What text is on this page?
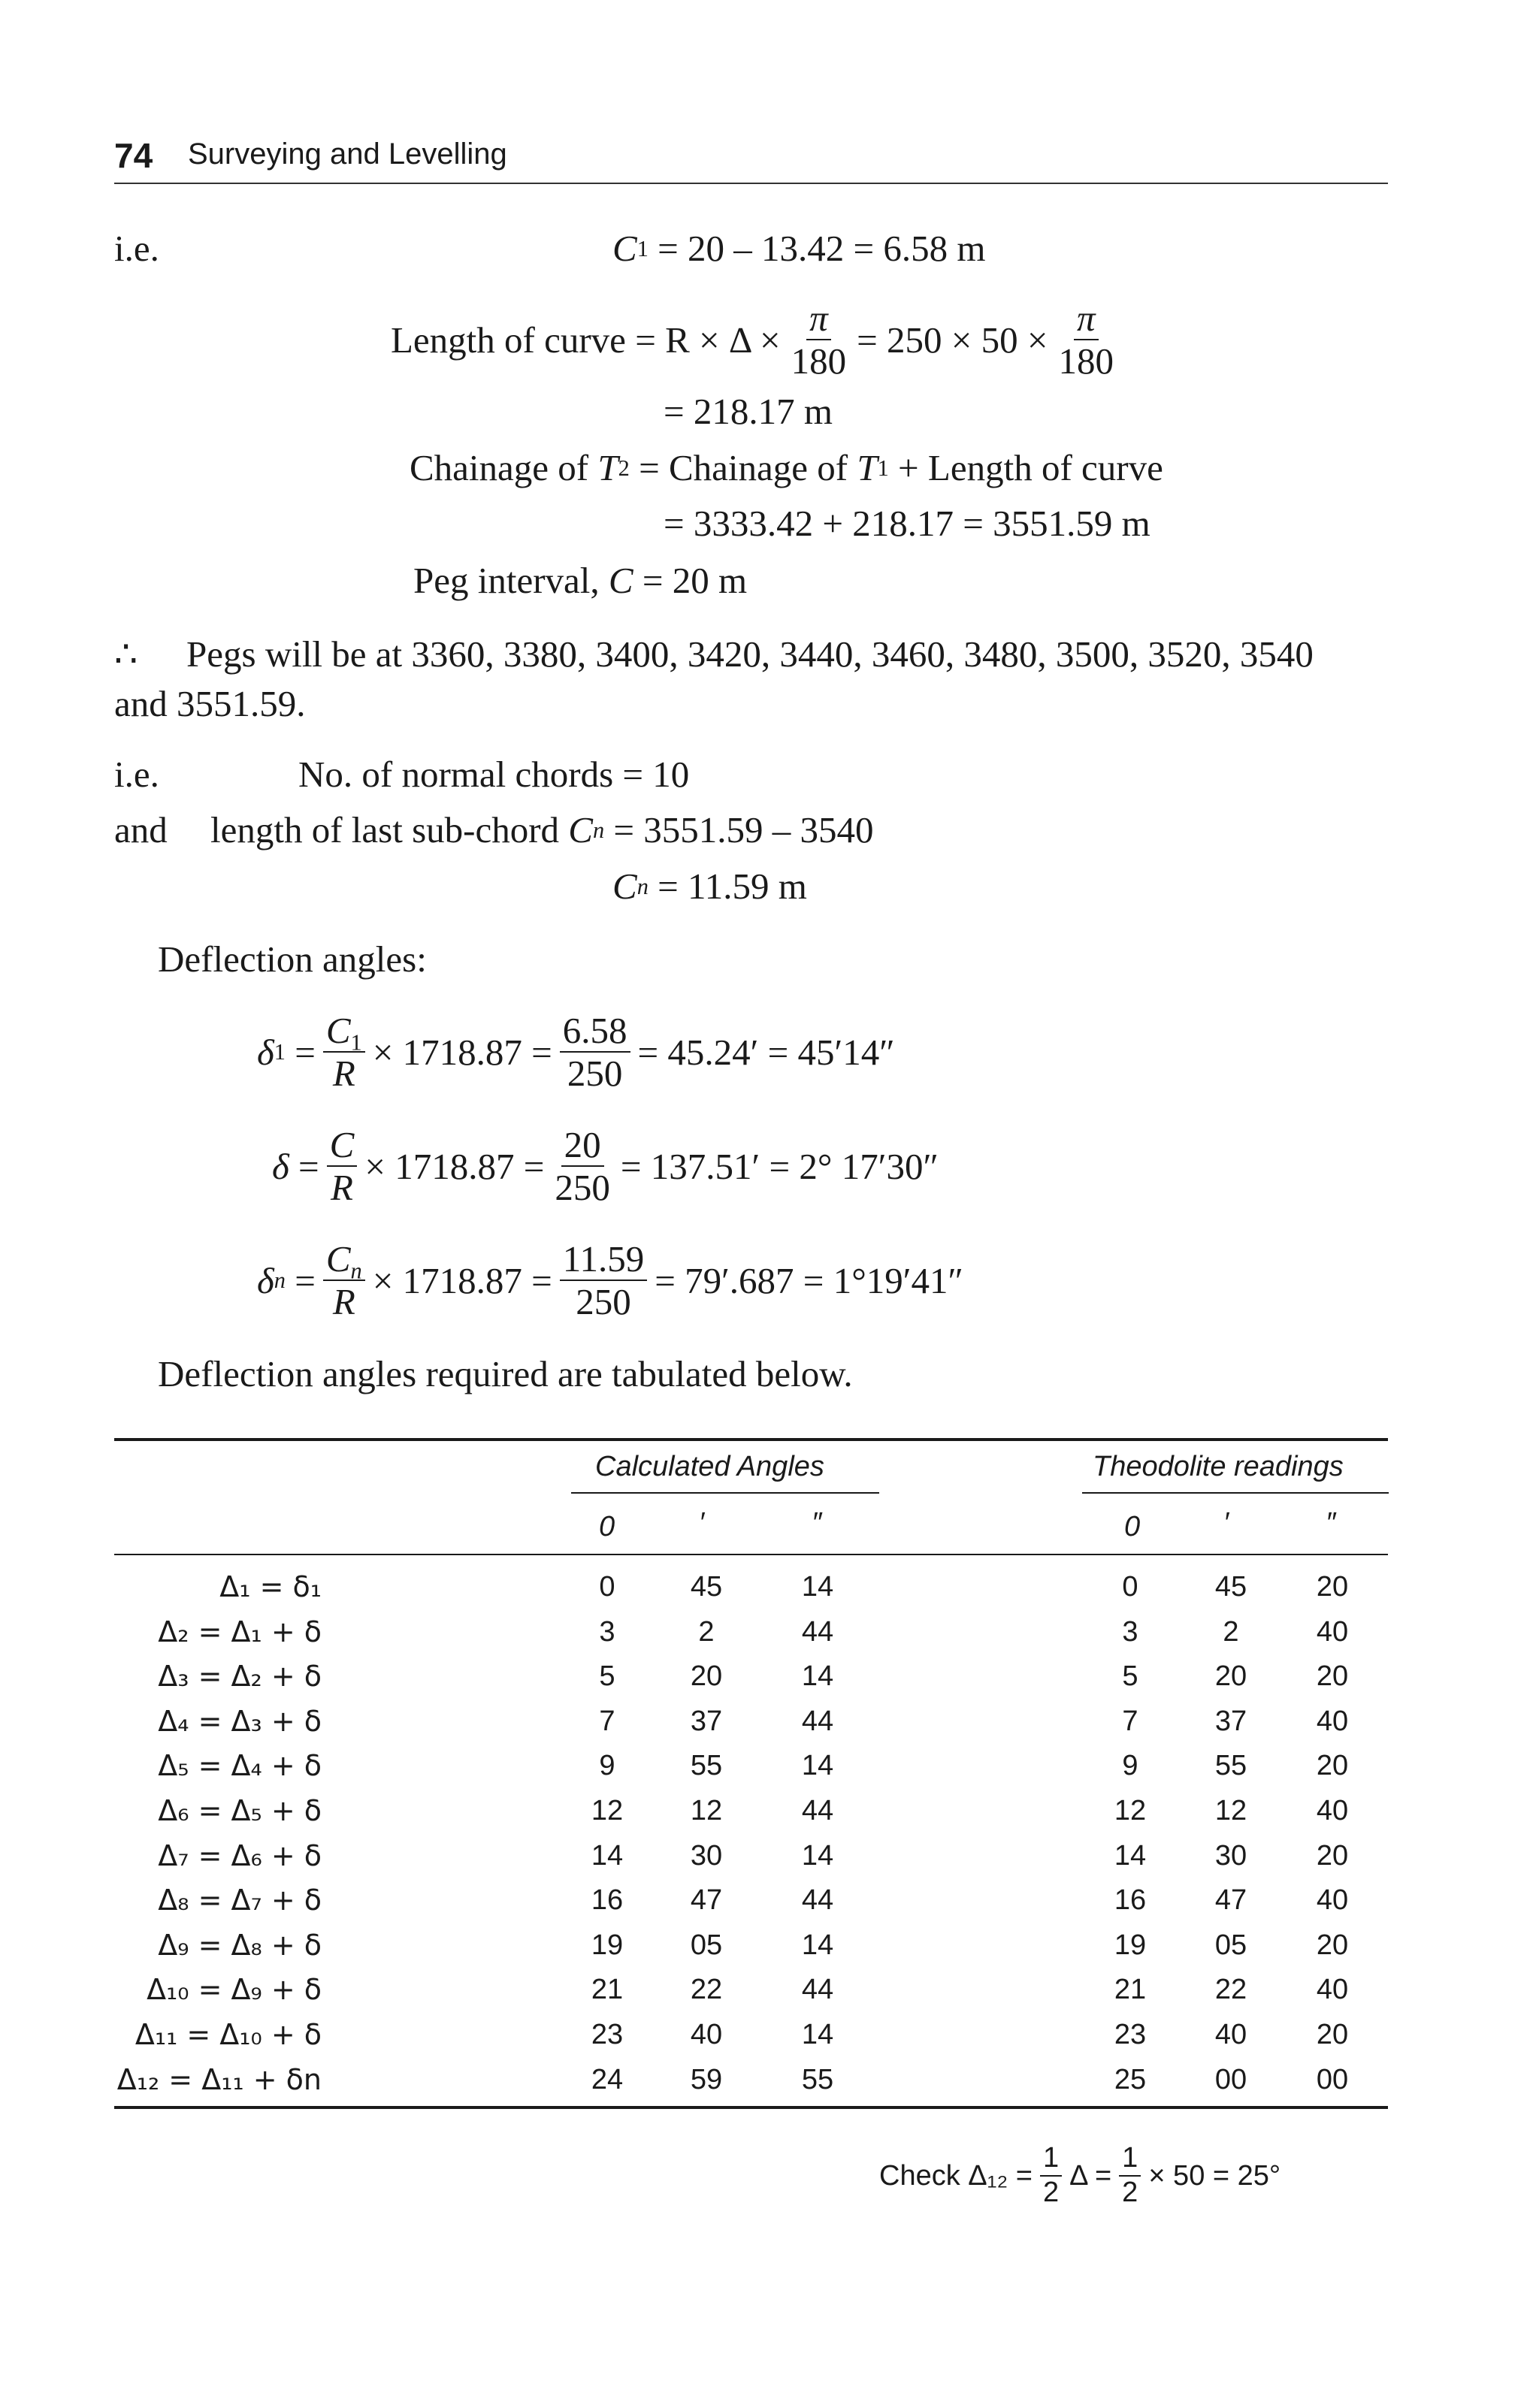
74 Surveying and Levelling
i.e.	C 1
= 20 – 13.42 = 6.58 m
Length of curve
= $R \times \Delta \times \frac{\pi}{180} = 250 \times 50 \times \frac{\pi}{180}$
= 218.17 m
Chainage of
T 2
= Chainage of
T 1
+ Length of curve
= 3333.42 + 218.17 = 3551.59 m
Peg interval,
C
= 20 m
∴ Pegs will be at 3360, 3380, 3400, 3420, 3440, 3460, 3480, 3500, 3520, 3540
and 3551.59.
i.e.	No. of normal chords
= 10
and length of last sub-chord
C n
= 3551.59 – 3540
C n
= 11.59 m
Deflection angles:
δ $1 = \frac{C_1}{R} \times 1718.87 = \frac{6.58}{250} = 45.24' = 45'14''$
$\delta = \frac{C}{R} \times 1718.87 = \frac{20}{250} = 137.51' = 2^\circ$ 17′30″
δ $n = \frac{C_n}{R} \times 1718.87 = \frac{11.59}{250} = 79'.687 = 1^\circ 19'41''$
Deflection angles required are tabulated below.
Calculated Angles	Theodolite readings
0	′	″	0	′	″
Δ₁ = δ₁	0	45	14	0	45	20
Δ₂ = Δ₁ + δ	3	2	44	3	2	40
Δ₃ = Δ₂ + δ	5	20	14	5	20	20
Δ₄ = Δ₃ + δ	7	37	44	7	37	40
Δ₅ = Δ₄ + δ	9	55	14	9	55	20
Δ₆ = Δ₅ + δ	12	12	44	12	12	40
Δ₇ = Δ₆ + δ	14	30	14	14	30	20
Δ₈ = Δ₇ + δ	16	47	44	16	47	40
Δ₉ = Δ₈ + δ	19	05	14	19	05	20
Δ₁₀ = Δ₉ + δ	21	22	44	21	22	40
Δ₁₁ = Δ₁₀ + δ	23	40	14	23	40	20
Δ₁₂ = Δ₁₁ + δn	24	59	55	25	00	00
Check $\Delta_{12} = \frac{1}{2}$ $\Delta = \frac{1}{2} \times 50 = 25^\circ$
